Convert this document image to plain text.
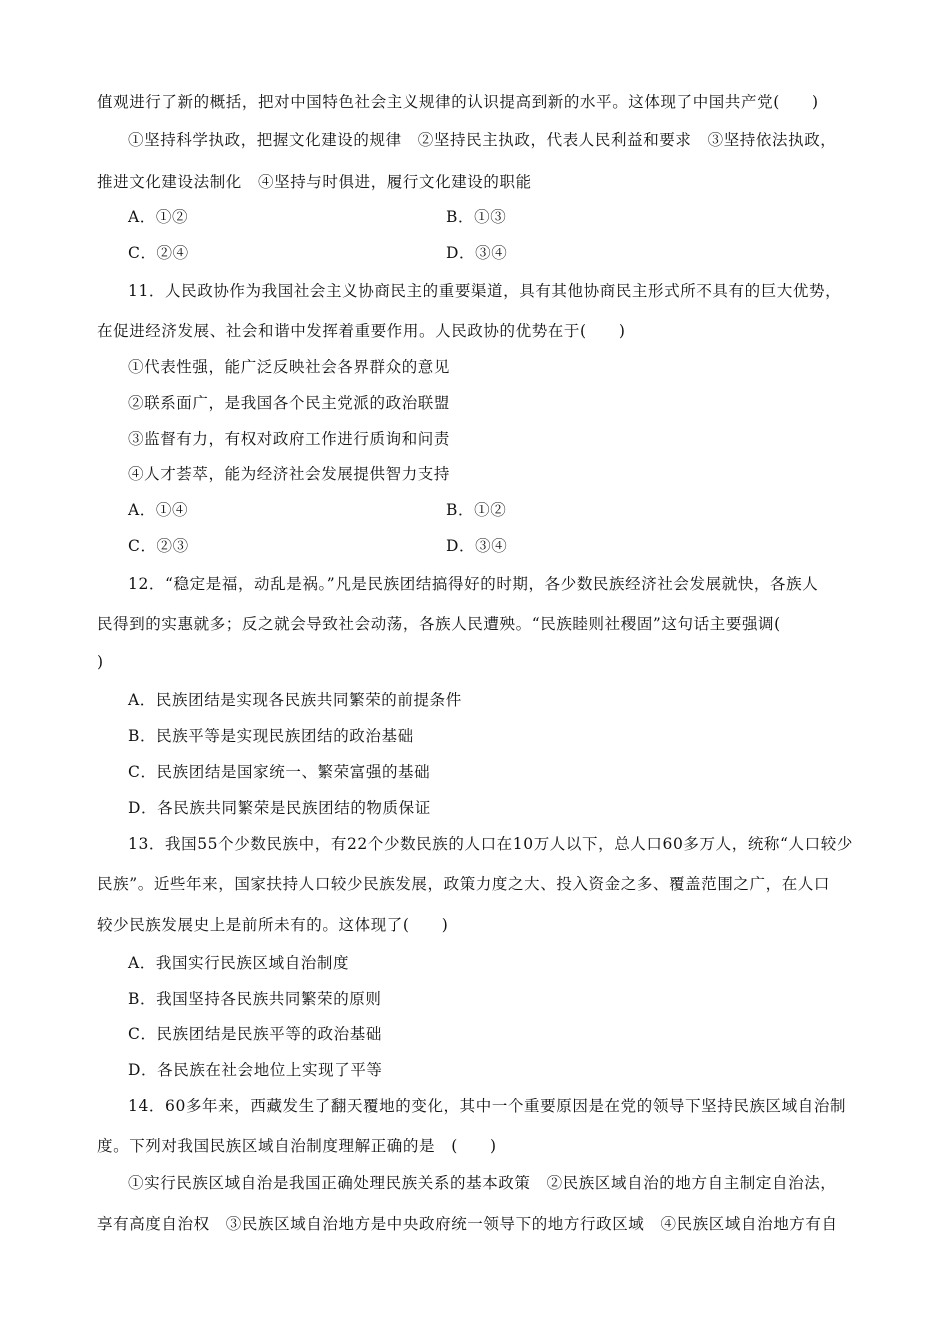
值观进行了新的概括，把对中国特色社会主义规律的认识提高到新的水平。这体现了中国共产党(　　)
①坚持科学执政，把握文化建设的规律　②坚持民主执政，代表人民利益和要求　③坚持依法执政，
推进文化建设法制化　④坚持与时俱进，履行文化建设的职能
A．①②	B．①③
C．②④	D．③④
11．人民政协作为我国社会主义协商民主的重要渠道，具有其他协商民主形式所不具有的巨大优势，
在促进经济发展、社会和谐中发挥着重要作用。人民政协的优势在于(　　)
①代表性强，能广泛反映社会各界群众的意见
②联系面广，是我国各个民主党派的政治联盟
③监督有力，有权对政府工作进行质询和问责
④人才荟萃，能为经济社会发展提供智力支持
A．①④	B．①②
C．②③	D．③④
12．“稳定是福，动乱是祸。”凡是民族团结搞得好的时期，各少数民族经济社会发展就快，各族人
民得到的实惠就多；反之就会导致社会动荡，各族人民遭殃。“民族睦则社稷固”这句话主要强调(
)
A．民族团结是实现各民族共同繁荣的前提条件
B．民族平等是实现民族团结的政治基础
C．民族团结是国家统一、繁荣富强的基础
D．各民族共同繁荣是民族团结的物质保证
13．我国55个少数民族中，有22个少数民族的人口在10万人以下，总人口60多万人，统称“人口较少
民族”。近些年来，国家扶持人口较少民族发展，政策力度之大、投入资金之多、覆盖范围之广，在人口
较少民族发展史上是前所未有的。这体现了(　　)
A．我国实行民族区域自治制度
B．我国坚持各民族共同繁荣的原则
C．民族团结是民族平等的政治基础
D．各民族在社会地位上实现了平等
14．60多年来，西藏发生了翻天覆地的变化，其中一个重要原因是在党的领导下坚持民族区域自治制
度。下列对我国民族区域自治制度理解正确的是　(　　)
①实行民族区域自治是我国正确处理民族关系的基本政策　②民族区域自治的地方自主制定自治法，
享有高度自治权　③民族区域自治地方是中央政府统一领导下的地方行政区域　④民族区域自治地方有自
